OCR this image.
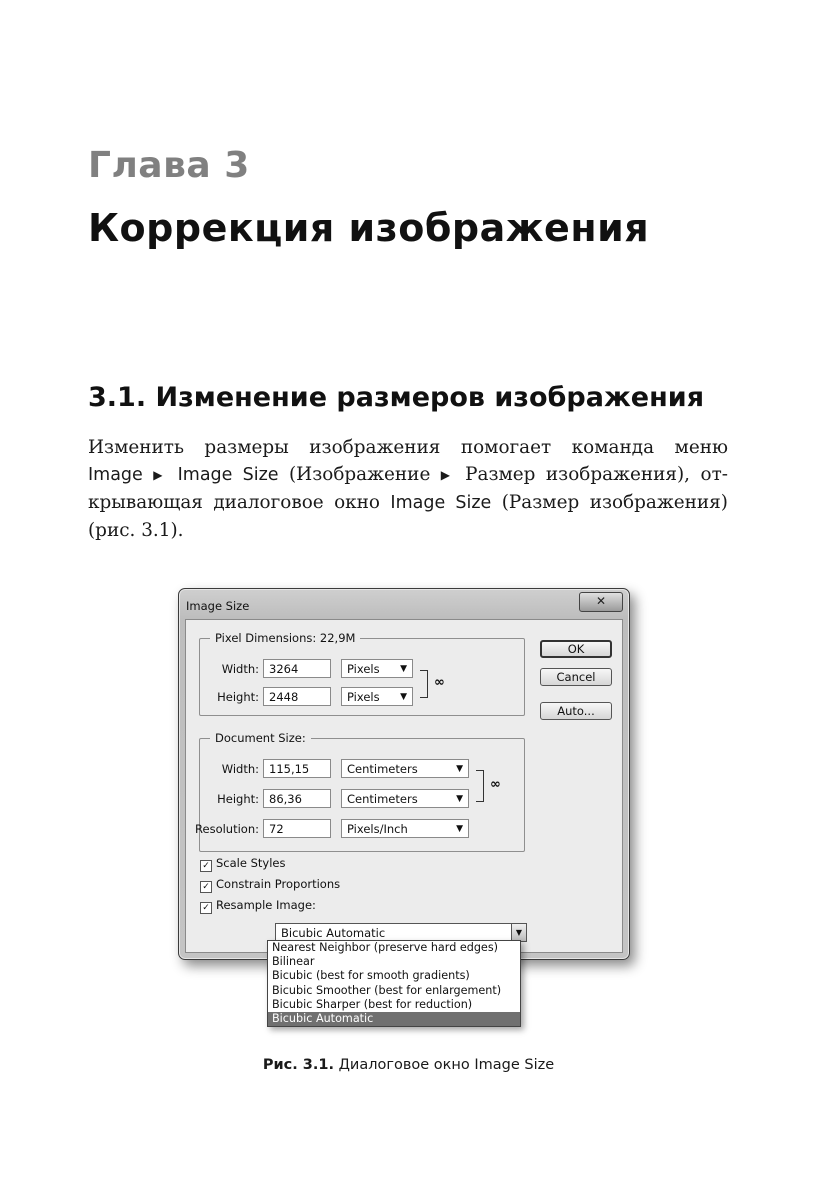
Глава 3
Коррекция изображения
3.1. Изменение размеров изображения
Изменить размеры изображения помогает команда меню
Image ▶ Image Size (Изображение ▶ Размер изображения), от-
крывающая диалоговое окно Image Size (Размер изображения)
(рис. 3.1).
Image Size	✕
Pixel Dimensions: 22,9M
Width: 3264	Pixels ▼
Height: 2448	Pixels ▼
∞
Document Size:
Width: 115,15	Centimeters	▼
Height: 86,36	Centimeters	▼
Resolution: 72	Pixels/Inch	▼
∞
OK
Cancel
Auto...
✓ Scale Styles
✓ Constrain Proportions
✓ Resample Image:
Bicubic Automatic	▼
Nearest Neighbor (preserve hard edges)
Bilinear
Bicubic (best for smooth gradients)
Bicubic Smoother (best for enlargement)
Bicubic Sharper (best for reduction)
Bicubic Automatic
Рис. 3.1. Диалоговое окно Image Size
